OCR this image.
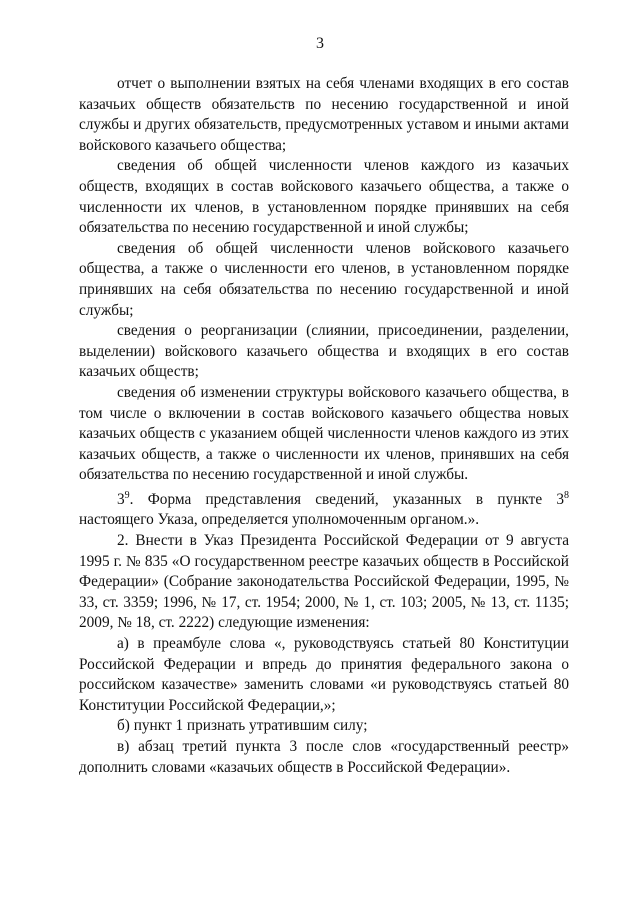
3

отчет о выполнении взятых на себя членами входящих в его состав казачьих обществ обязательств по несению государственной и иной службы и других обязательств, предусмотренных уставом и иными актами войскового казачьего общества;

сведения об общей численности членов каждого из казачьих обществ, входящих в состав войскового казачьего общества, а также о численности их членов, в установленном порядке принявших на себя обязательства по несению государственной и иной службы;

сведения об общей численности членов войскового казачьего общества, а также о численности его членов, в установленном порядке принявших на себя обязательства по несению государственной и иной службы;

сведения о реорганизации (слиянии, присоединении, разделении, выделении) войскового казачьего общества и входящих в его состав казачьих обществ;

сведения об изменении структуры войскового казачьего общества, в том числе о включении в состав войскового казачьего общества новых казачьих обществ с указанием общей численности членов каждого из этих казачьих обществ, а также о численности их членов, принявших на себя обязательства по несению государственной и иной службы.

$3^9$. Форма представления сведений, указанных в пункте $3^8$ настоящего Указа, определяется уполномоченным органом.».

2. Внести в Указ Президента Российской Федерации от 9 августа 1995 г. № 835 «О государственном реестре казачьих обществ в Российской Федерации» (Собрание законодательства Российской Федерации, 1995, № 33, ст. 3359; 1996, № 17, ст. 1954; 2000, № 1, ст. 103; 2005, № 13, ст. 1135; 2009, № 18, ст. 2222) следующие изменения:

а) в преамбуле слова «, руководствуясь статьей 80 Конституции Российской Федерации и впредь до принятия федерального закона о российском казачестве» заменить словами «и руководствуясь статьей 80 Конституции Российской Федерации,»;

б) пункт 1 признать утратившим силу;

в) абзац третий пункта 3 после слов «государственный реестр» дополнить словами «казачьих обществ в Российской Федерации».
